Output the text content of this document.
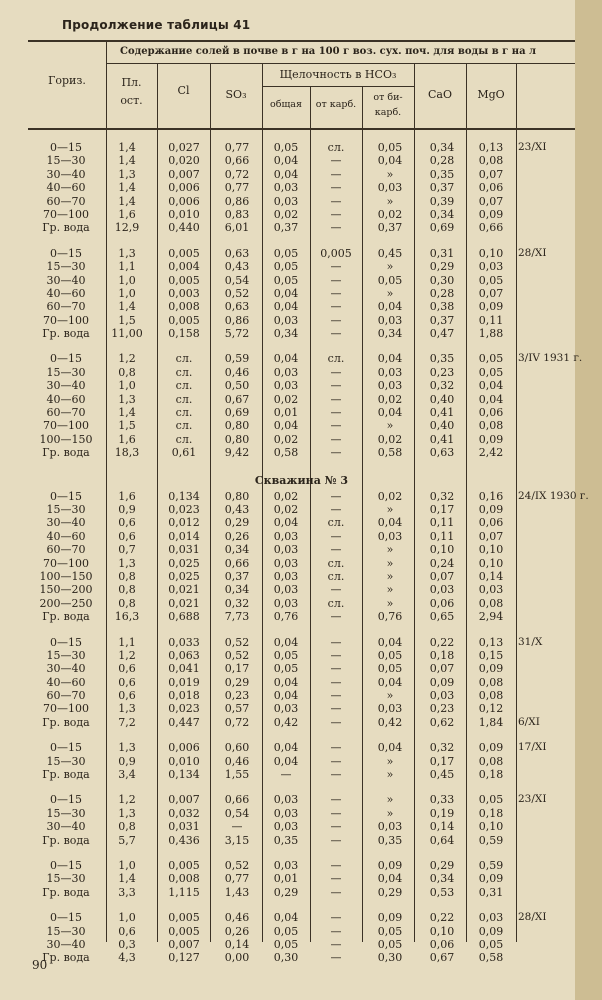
Продолжение таблицы 41
Гориз.
Содержание солей в почве в г на 100 г воз. сух. поч. для воды в г на л
Пл.
ост.
Cl	SO₃
Щелочность в HCO₃
общая	от карб.
от би-
карб.
CaO	MgO
0—15	1,4	0,027	0,77	0,05	сл.	0,05	0,34	0,13	23/XI
15—30	1,4	0,020	0,66	0,04	—	0,04	0,28	0,08
30—40	1,3	0,007	0,72	0,04	—	»	0,35	0,07
40—60	1,4	0,006	0,77	0,03	—	0,03	0,37	0,06
60—70	1,4	0,006	0,86	0,03	—	»	0,39	0,07
70—100	1,6	0,010	0,83	0,02	—	0,02	0,34	0,09
Гр. вода	12,9	0,440	6,01	0,37	—	0,37	0,69	0,66
0—15	1,3	0,005	0,63	0,05	0,005	0,45	0,31	0,10	28/XI
15—30	1,1	0,004	0,43	0,05	—	»	0,29	0,03
30—40	1,0	0,005	0,54	0,05	—	0,05	0,30	0,05
40—60	1,0	0,003	0,52	0,04	—	»	0,28	0,07
60—70	1,4	0,008	0,63	0,04	—	0,04	0,38	0,09
70—100	1,5	0,005	0,86	0,03	—	0,03	0,37	0,11
Гр. вода	11,00	0,158	5,72	0,34	—	0,34	0,47	1,88
0—15	1,2	сл.	0,59	0,04	сл.	0,04	0,35	0,05	3/IV 1931 г.
15—30	0,8	сл.	0,46	0,03	—	0,03	0,23	0,05
30—40	1,0	сл.	0,50	0,03	—	0,03	0,32	0,04
40—60	1,3	сл.	0,67	0,02	—	0,02	0,40	0,04
60—70	1,4	сл.	0,69	0,01	—	0,04	0,41	0,06
70—100	1,5	сл.	0,80	0,04	—	»	0,40	0,08
100—150	1,6	сл.	0,80	0,02	—	0,02	0,41	0,09
Гр. вода	18,3	0,61	9,42	0,58	—	0,58	0,63	2,42
Скважина № 3
0—15	1,6	0,134	0,80	0,02	—	0,02	0,32	0,16	24/IX 1930 г.
15—30	0,9	0,023	0,43	0,02	—	»	0,17	0,09
30—40	0,6	0,012	0,29	0,04	сл.	0,04	0,11	0,06
40—60	0,6	0,014	0,26	0,03	—	0,03	0,11	0,07
60—70	0,7	0,031	0,34	0,03	—	»	0,10	0,10
70—100	1,3	0,025	0,66	0,03	сл.	»	0,24	0,10
100—150	0,8	0,025	0,37	0,03	сл.	»	0,07	0,14
150—200	0,8	0,021	0,34	0,03	—	»	0,03	0,03
200—250	0,8	0,021	0,32	0,03	сл.	»	0,06	0,08
Гр. вода	16,3	0,688	7,73	0,76	—	0,76	0,65	2,94
0—15	1,1	0,033	0,52	0,04	—	0,04	0,22	0,13	31/X
15—30	1,2	0,063	0,52	0,05	—	0,05	0,18	0,15
30—40	0,6	0,041	0,17	0,05	—	0,05	0,07	0,09
40—60	0,6	0,019	0,29	0,04	—	0,04	0,09	0,08
60—70	0,6	0,018	0,23	0,04	—	»	0,03	0,08
70—100	1,3	0,023	0,57	0,03	—	0,03	0,23	0,12
Гр. вода	7,2	0,447	0,72	0,42	—	0,42	0,62	1,84	6/XI
0—15	1,3	0,006	0,60	0,04	—	0,04	0,32	0,09	17/XI
15—30	0,9	0,010	0,46	0,04	—	»	0,17	0,08
Гр. вода	3,4	0,134	1,55	—	—	»	0,45	0,18
0—15	1,2	0,007	0,66	0,03	—	»	0,33	0,05	23/XI
15—30	1,3	0,032	0,54	0,03	—	»	0,19	0,18
30—40	0,8	0,031	—	0,03	—	0,03	0,14	0,10
Гр. вода	5,7	0,436	3,15	0,35	—	0,35	0,64	0,59
0—15	1,0	0,005	0,52	0,03	—	0,09	0,29	0,59
15—30	1,4	0,008	0,77	0,01	—	0,04	0,34	0,09
Гр. вода	3,3	1,115	1,43	0,29	—	0,29	0,53	0,31
0—15	1,0	0,005	0,46	0,04	—	0,09	0,22	0,03	28/XI
15—30	0,6	0,005	0,26	0,05	—	0,05	0,10	0,09
30—40	0,3	0,007	0,14	0,05	—	0,05	0,06	0,05
Гр. вода	4,3	0,127	0,00	0,30	—	0,30	0,67	0,58
90
